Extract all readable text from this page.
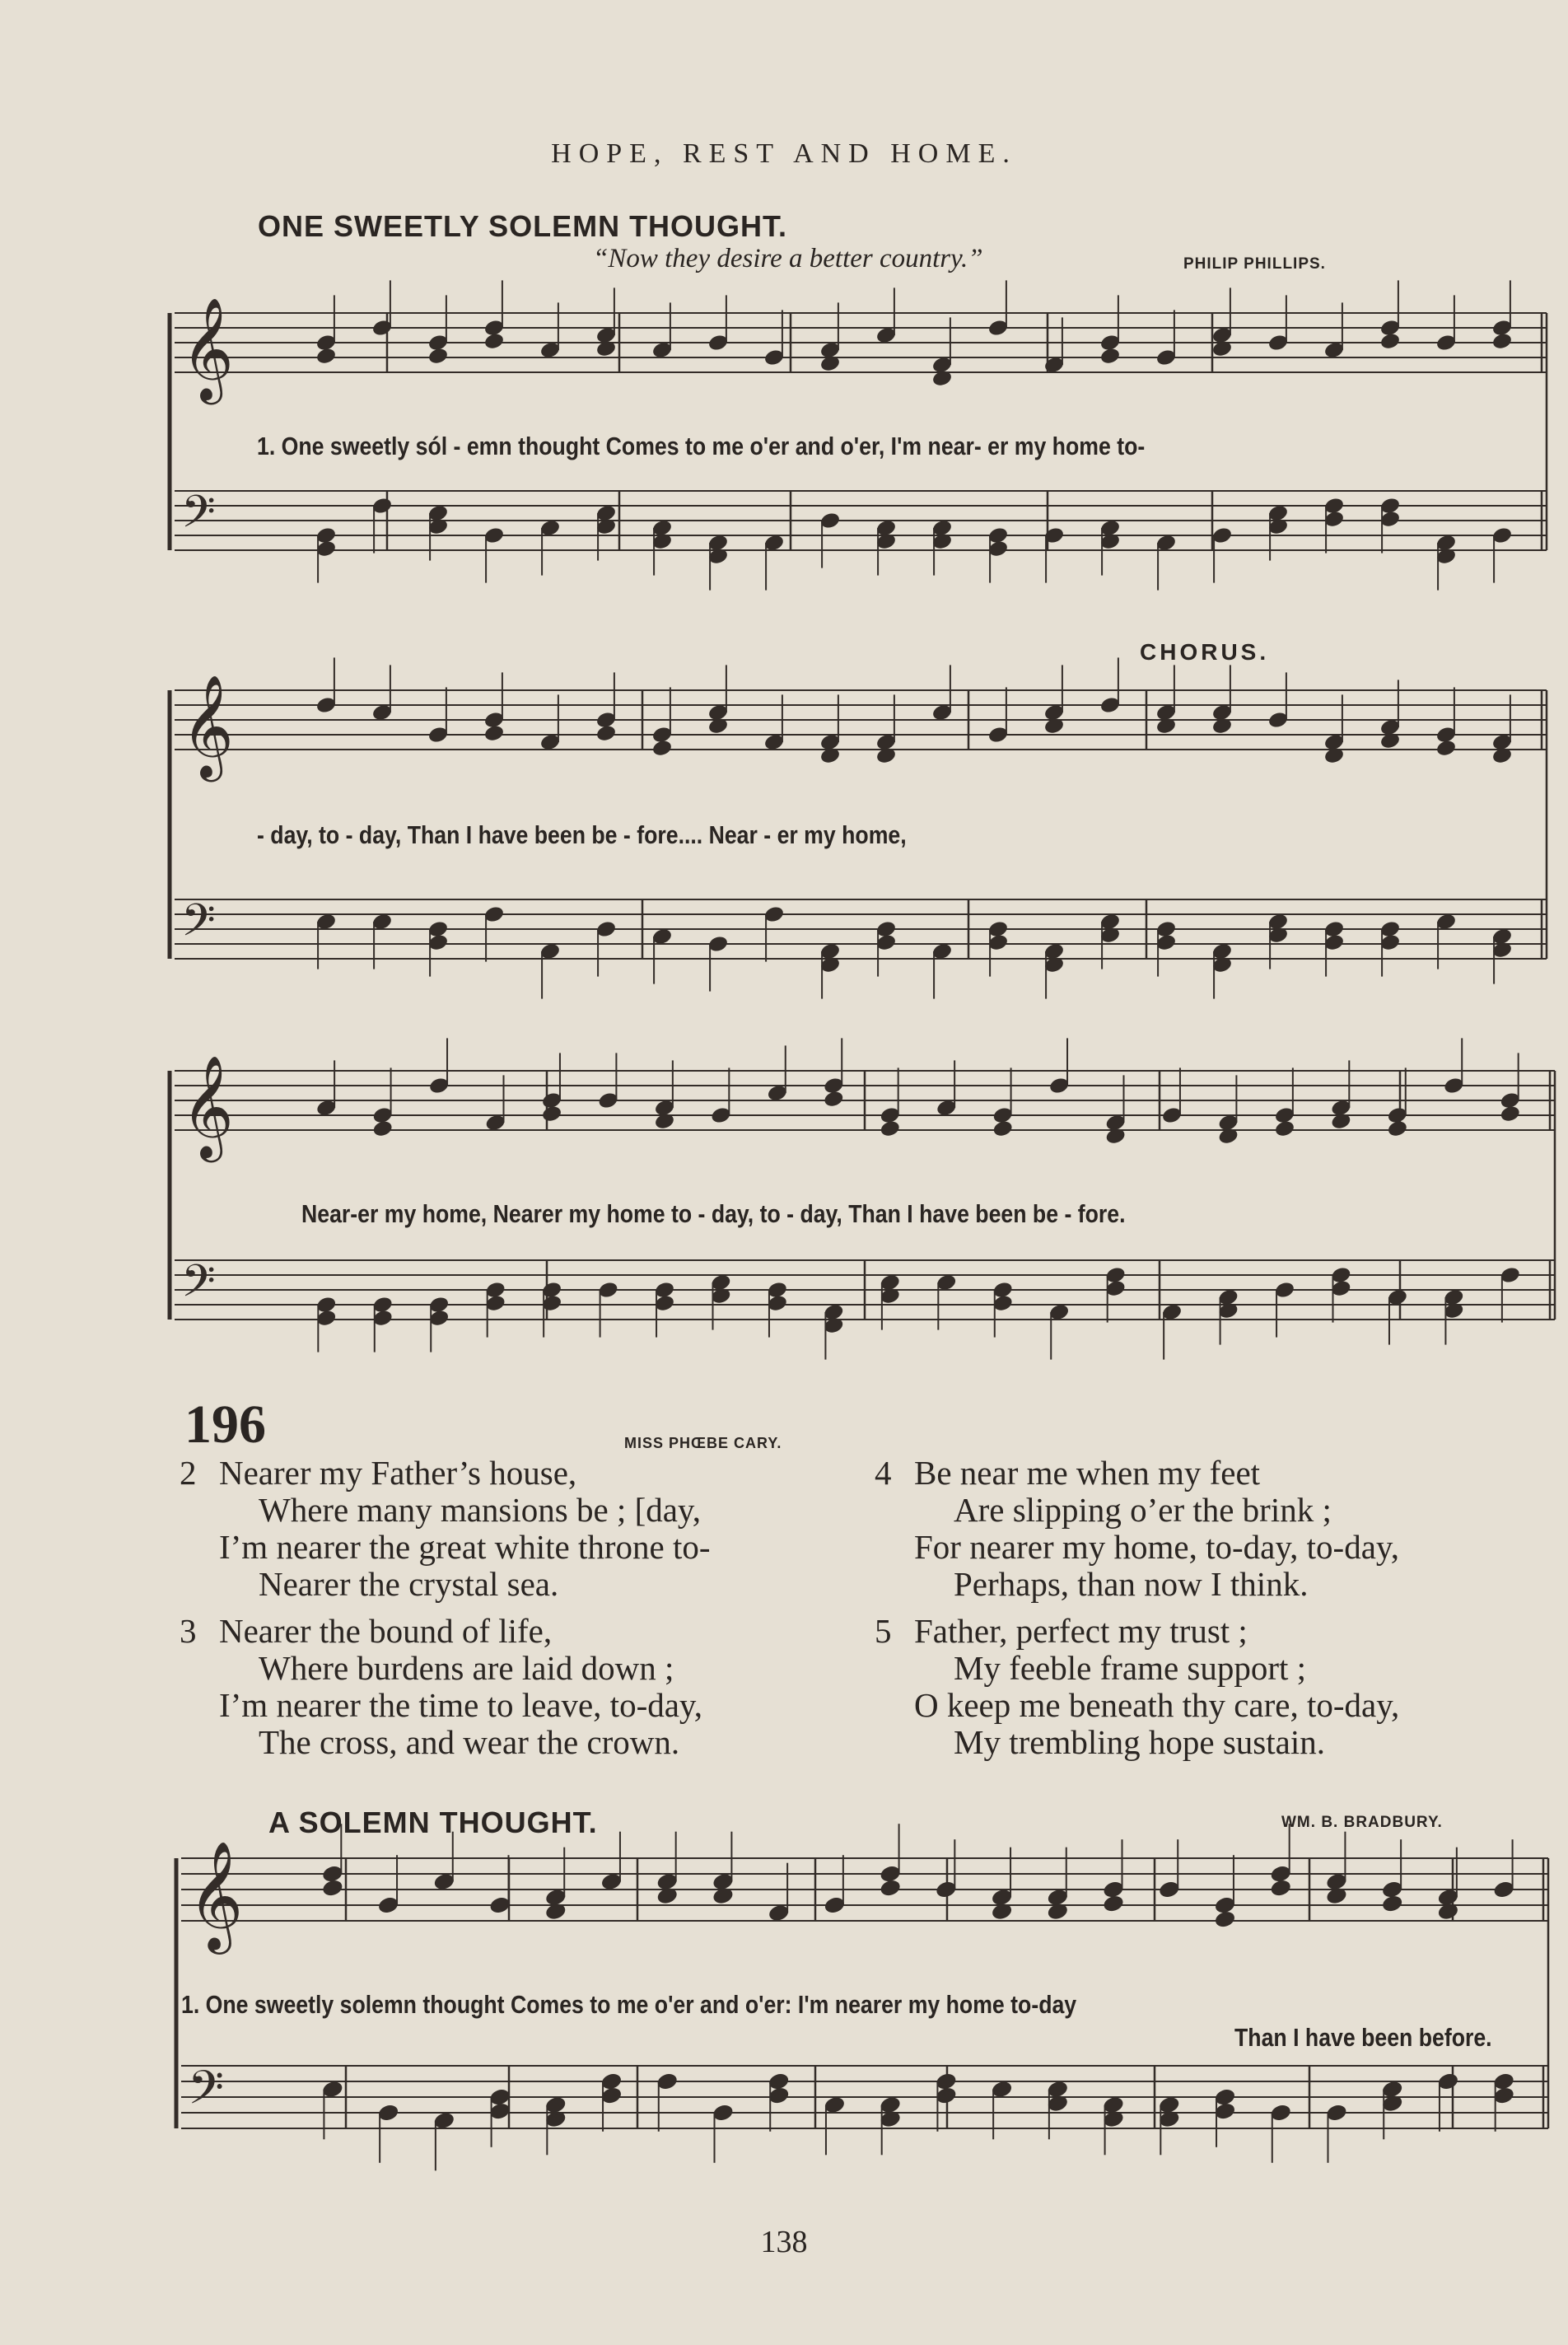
𝄞
𝄢
𝄞
𝄢
𝄞
𝄢
𝄞
𝄢
HOPE, REST AND HOME.
ONE SWEETLY SOLEMN THOUGHT.
“Now they desire a better country.”	PHILIP PHILLIPS.
1. One sweetly sól - emn thought Comes to me o'er and o'er, I'm near- er my home to-
CHORUS.
- day, to - day, Than I have been be - fore.... Near - er my home,
Near-er my home, Nearer my home to - day, to - day, Than I have been be - fore.
196	MISS PHŒBE CARY.
2 Nearer my Father’s house,
Where many mansions be ; [day,
I’m nearer the great white throne to-
Nearer the crystal sea.
3 Nearer the bound of life,
Where burdens are laid down ;
I’m nearer the time to leave, to-day,
The cross, and wear the crown.
4 Be near me when my feet
Are slipping o’er the brink ;
For nearer my home, to-day, to-day,
Perhaps, than now I think.
5 Father, perfect my trust ;
My feeble frame support ;
O keep me beneath thy care, to-day,
My trembling hope sustain.
A SOLEMN THOUGHT.	WM. B. BRADBURY.
1. One sweetly solemn thought Comes to me o'er and o'er: I'm nearer my home to-day
Than I have been before.
138
